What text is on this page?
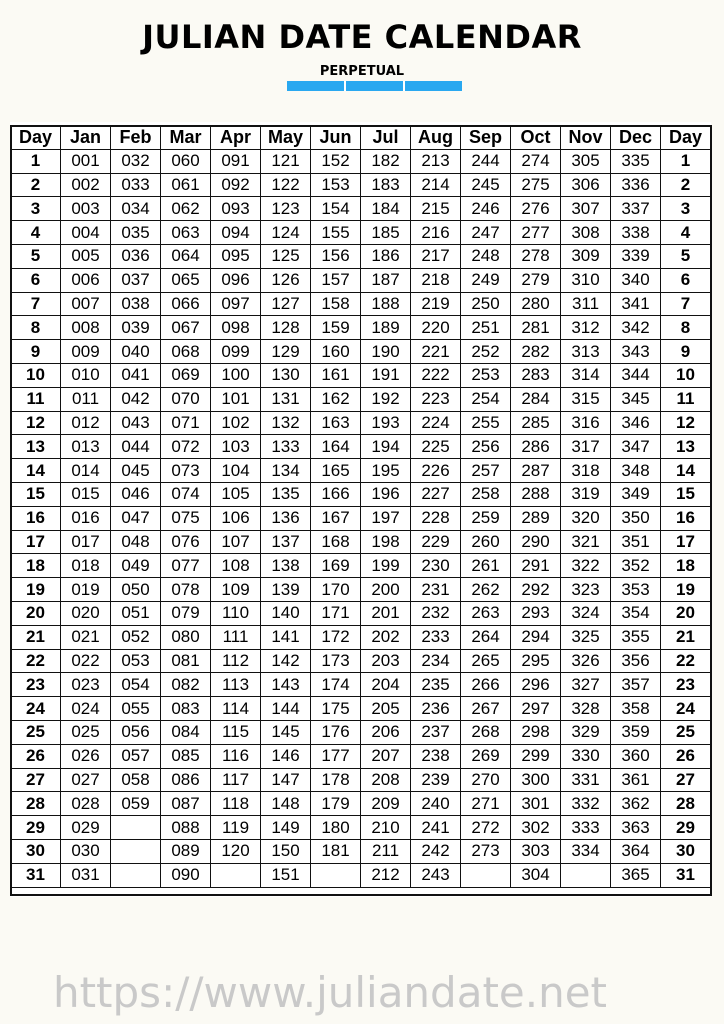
JULIAN DATE CALENDAR
PERPETUAL
Day	Jan	Feb	Mar	Apr	May	Jun	Jul	Aug	Sep	Oct	Nov	Dec	Day
1	001	032	060	091	121	152	182	213	244	274	305	335	1
2	002	033	061	092	122	153	183	214	245	275	306	336	2
3	003	034	062	093	123	154	184	215	246	276	307	337	3
4	004	035	063	094	124	155	185	216	247	277	308	338	4
5	005	036	064	095	125	156	186	217	248	278	309	339	5
6	006	037	065	096	126	157	187	218	249	279	310	340	6
7	007	038	066	097	127	158	188	219	250	280	311	341	7
8	008	039	067	098	128	159	189	220	251	281	312	342	8
9	009	040	068	099	129	160	190	221	252	282	313	343	9
10	010	041	069	100	130	161	191	222	253	283	314	344	10
11	011	042	070	101	131	162	192	223	254	284	315	345	11
12	012	043	071	102	132	163	193	224	255	285	316	346	12
13	013	044	072	103	133	164	194	225	256	286	317	347	13
14	014	045	073	104	134	165	195	226	257	287	318	348	14
15	015	046	074	105	135	166	196	227	258	288	319	349	15
16	016	047	075	106	136	167	197	228	259	289	320	350	16
17	017	048	076	107	137	168	198	229	260	290	321	351	17
18	018	049	077	108	138	169	199	230	261	291	322	352	18
19	019	050	078	109	139	170	200	231	262	292	323	353	19
20	020	051	079	110	140	171	201	232	263	293	324	354	20
21	021	052	080	111	141	172	202	233	264	294	325	355	21
22	022	053	081	112	142	173	203	234	265	295	326	356	22
23	023	054	082	113	143	174	204	235	266	296	327	357	23
24	024	055	083	114	144	175	205	236	267	297	328	358	24
25	025	056	084	115	145	176	206	237	268	298	329	359	25
26	026	057	085	116	146	177	207	238	269	299	330	360	26
27	027	058	086	117	147	178	208	239	270	300	331	361	27
28	028	059	087	118	148	179	209	240	271	301	332	362	28
29	029		088	119	149	180	210	241	272	302	333	363	29
30	030		089	120	150	181	211	242	273	303	334	364	30
31	031		090		151		212	243		304		365	31
https://www.juliandate.net
